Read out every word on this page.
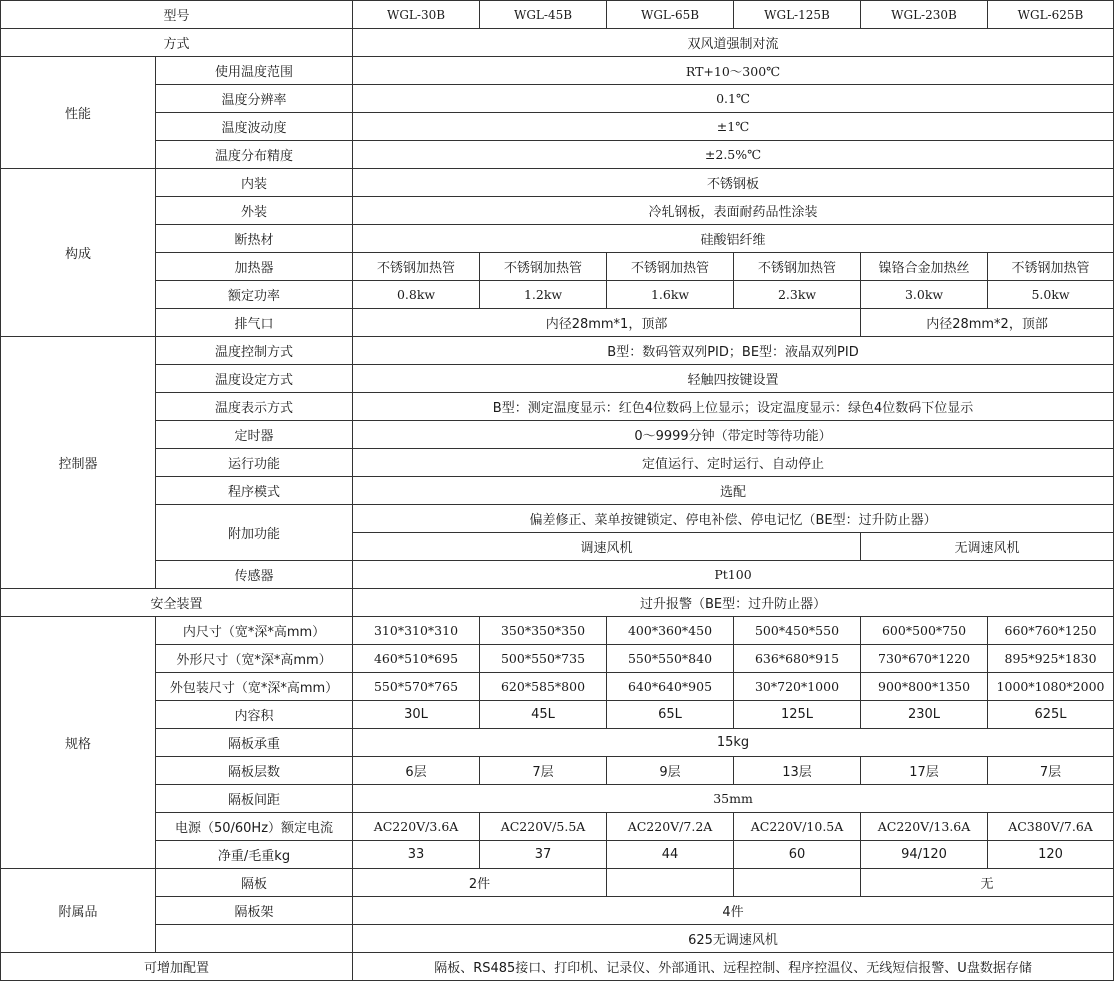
型号		WGL-30B	WGL-45B	WGL-65B	WGL-125B	WGL-230B	WGL-625B
方式		双风道强制对流					
性能	使用温度范围	RT+10～300℃					
	温度分辨率	0.1℃					
	温度波动度	±1℃					
	温度分布精度	±2.5%℃					
构成	内装	不锈钢板					
	外装	冷轧钢板，表面耐药品性涂装					
	断热材	硅酸铝纤维					
	加热器	不锈钢加热管	不锈钢加热管	不锈钢加热管	不锈钢加热管	镍铬合金加热丝	不锈钢加热管
	额定功率	0.8kw	1.2kw	1.6kw	2.3kw	3.0kw	5.0kw
	排气口	内径28mm*1，顶部				内径28mm*2，顶部	
控制器	温度控制方式	B型：数码管双列PID；BE型：液晶双列PID					
	温度设定方式	轻触四按键设置					
	温度表示方式	B型：测定温度显示：红色4位数码上位显示；设定温度显示：绿色4位数码下位显示					
	定时器	0～9999分钟（带定时等待功能）					
	运行功能	定值运行、定时运行、自动停止					
	程序模式	选配					
	附加功能	偏差修正、菜单按键锁定、停电补偿、停电记忆（BE型：过升防止器）					
		调速风机				无调速风机	
	传感器	Pt100					
安全装置		过升报警（BE型：过升防止器）					
规格	内尺寸（宽*深*高mm）	310*310*310	350*350*350	400*360*450	500*450*550	600*500*750	660*760*1250
	外形尺寸（宽*深*高mm）	460*510*695	500*550*735	550*550*840	636*680*915	730*670*1220	895*925*1830
	外包装尺寸（宽*深*高mm）	550*570*765	620*585*800	640*640*905	30*720*1000	900*800*1350	1000*1080*2000
	内容积	30L	45L	65L	125L	230L	625L
	隔板承重	15kg					
	隔板层数	6层	7层	9层	13层	17层	7层
	隔板间距	35mm					
	电源（50/60Hz）额定电流	AC220V/3.6A	AC220V/5.5A	AC220V/7.2A	AC220V/10.5A	AC220V/13.6A	AC380V/7.6A
	净重/毛重kg	33	37	44	60	94/120	120
附属品	隔板	2件				无	
	隔板架	4件					
		625无调速风机					
可增加配置		隔板、RS485接口、打印机、记录仪、外部通讯、远程控制、程序控温仪、无线短信报警、U盘数据存储					
